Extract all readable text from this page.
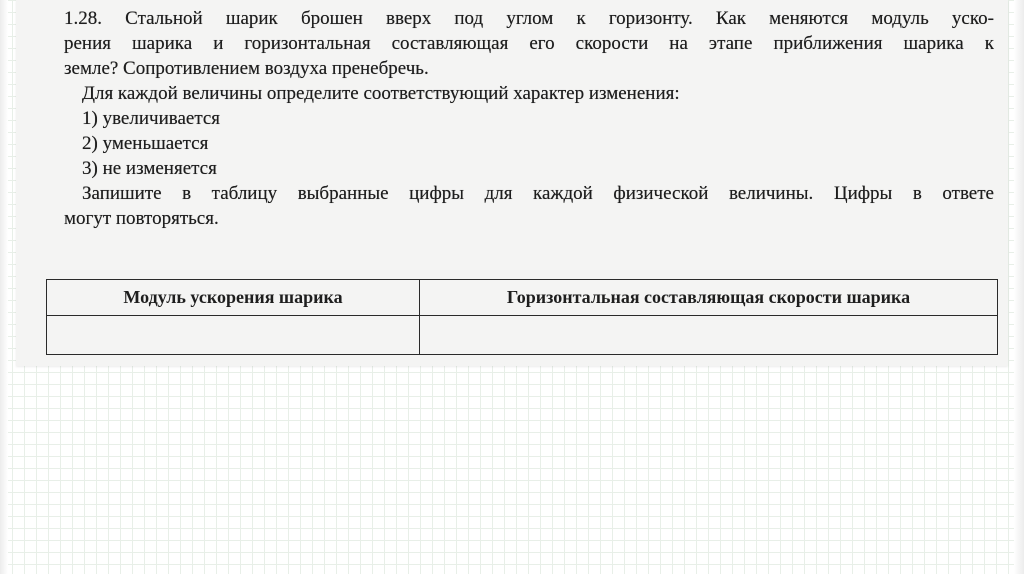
1.28. Стальной шарик брошен вверх под углом к горизонту. Как меняются модуль уско-
рения шарика и горизонтальная составляющая его скорости на этапе приближения шарика к
земле? Сопротивлением воздуха пренебречь.
Для каждой величины определите соответствующий характер изменения:
1) увеличивается
2) уменьшается
3) не изменяется
Запишите в таблицу выбранные цифры для каждой физической величины. Цифры в ответе
могут повторяться.
Модуль ускорения шарика	Горизонтальная составляющая скорости шарика
